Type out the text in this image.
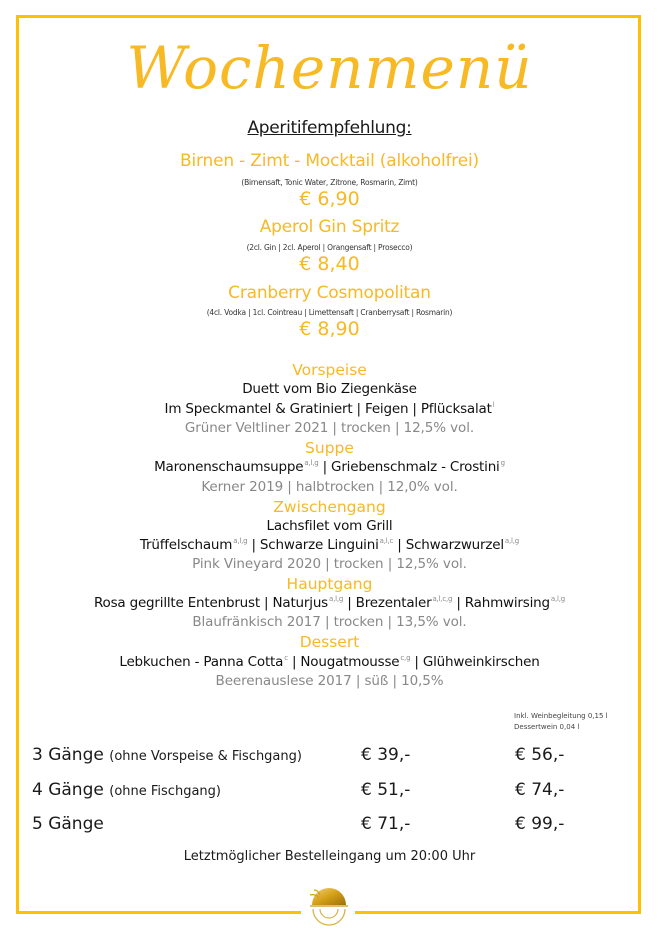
Wochenmenü
Aperitifempfehlung:
Birnen - Zimt - Mocktail (alkoholfrei)
(Birnensaft, Tonic Water, Zitrone, Rosmarin, Zimt)
€ 6,90
Aperol Gin Spritz
(2cl. Gin | 2cl. Aperol | Orangensaft | Prosecco)
€ 8,40
Cranberry Cosmopolitan
(4cl. Vodka | 1cl. Cointreau | Limettensaft | Cranberrysaft | Rosmarin)
€ 8,90
Vorspeise
Duett vom Bio Ziegenkäse
Im Speckmantel & Gratiniert | Feigen | Pflücksalat$^l$
Grüner Veltliner 2021 | trocken | 12,5% vol.
Suppe
Maronenschaumsuppe$^{a,l,g}$ | Griebenschmalz - Crostini$^g$
Kerner 2019 | halbtrocken | 12,0% vol.
Zwischengang
Lachsfilet vom Grill
Trüffelschaum$^{a,l,g}$ | Schwarze Linguini$^{a,l,c}$ | Schwarzwurzel$^{a,l,g}$
Pink Vineyard 2020 | trocken | 12,5% vol.
Hauptgang
Rosa gegrillte Entenbrust | Naturjus$^{a,l,g}$ | Brezentaler$^{a,l,c,g}$ | Rahmwirsing$^{a,l,g}$
Blaufränkisch 2017 | trocken | 13,5% vol.
Dessert
Lebkuchen - Panna Cotta$^c$ | Nougatmousse$^{c,g}$ | Glühweinkirschen
Beerenauslese 2017 | süß | 10,5%
Inkl. Weinbegleitung 0,15 l
Dessertwein 0,04 l
3 Gänge (ohne Vorspeise & Fischgang)	€ 39,-	€ 56,-
4 Gänge (ohne Fischgang)	€ 51,-	€ 74,-
5 Gänge	€ 71,-	€ 99,-
Letztmöglicher Bestelleingang um 20:00 Uhr
